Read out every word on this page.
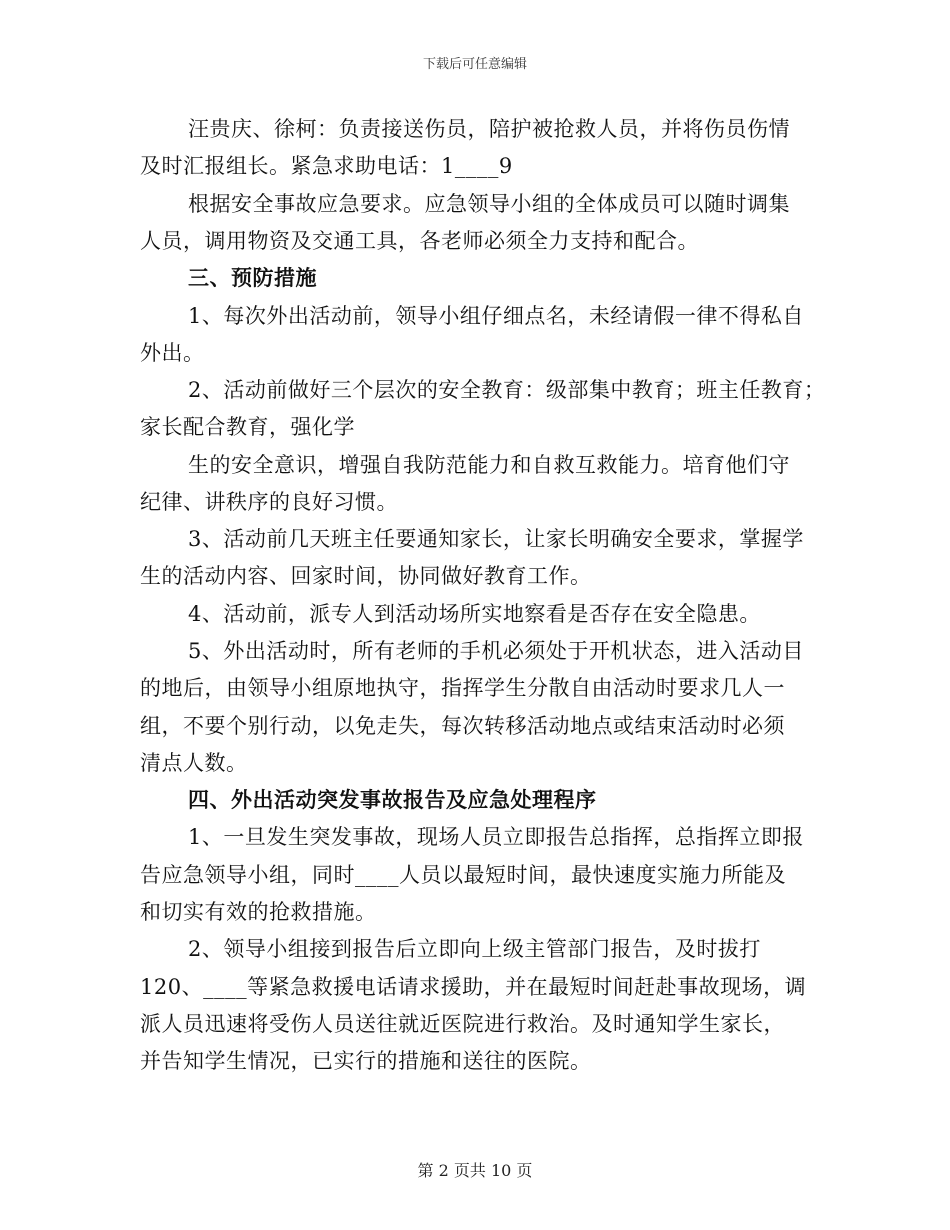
下载后可任意编辑
汪贵庆、徐柯：负责接送伤员，陪护被抢救人员，并将伤员伤情
及时汇报组长。紧急求助电话：1____9
根据安全事故应急要求。应急领导小组的全体成员可以随时调集
人员，调用物资及交通工具，各老师必须全力支持和配合。
三、预防措施
1、每次外出活动前，领导小组仔细点名，未经请假一律不得私自
外出。
2、活动前做好三个层次的安全教育：级部集中教育；班主任教育；
家长配合教育，强化学
生的安全意识，增强自我防范能力和自救互救能力。培育他们守
纪律、讲秩序的良好习惯。
3、活动前几天班主任要通知家长，让家长明确安全要求，掌握学
生的活动内容、回家时间，协同做好教育工作。
4、活动前，派专人到活动场所实地察看是否存在安全隐患。
5、外出活动时，所有老师的手机必须处于开机状态，进入活动目
的地后，由领导小组原地执守，指挥学生分散自由活动时要求几人一
组，不要个别行动，以免走失，每次转移活动地点或结束活动时必须
清点人数。
四、外出活动突发事故报告及应急处理程序
1、一旦发生突发事故，现场人员立即报告总指挥，总指挥立即报
告应急领导小组，同时____人员以最短时间，最快速度实施力所能及
和切实有效的抢救措施。
2、领导小组接到报告后立即向上级主管部门报告，及时拔打
120、____等紧急救援电话请求援助，并在最短时间赶赴事故现场，调
派人员迅速将受伤人员送往就近医院进行救治。及时通知学生家长，
并告知学生情况，已实行的措施和送往的医院。
第 2 页共 10 页
